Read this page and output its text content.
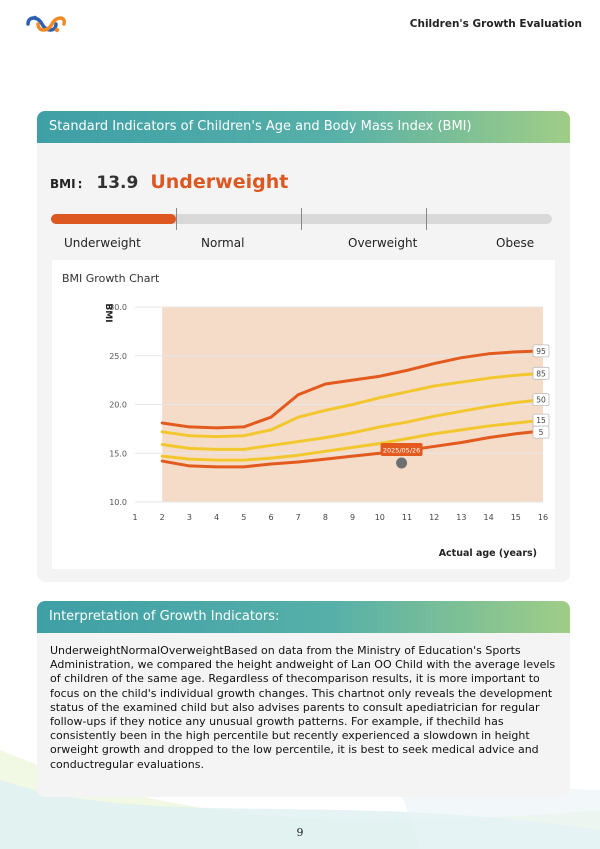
Children's Growth Evaluation
Standard Indicators of Children's Age and Body Mass Index (BMI)
BMI : 13.9 Underweight
Underweight	Normal	Overweight	Obese
BMI Growth Chart
10.0
15.0
20.0
25.0
30.0
1	2	3	4	5	6	7	8	9 10 11 12 13 14 15 16
BMI
Actual age (years)
95
85
50
15
5
2025/05/26
Interpretation of Growth Indicators:
UnderweightNormalOverweightBased on data from the Ministry of Education's Sports Administration, we compared the height andweight of Lan OO Child with the average levels of children of the same age. Regardless of thecomparison results, it is more important to focus on the child's individual growth changes. This chartnot only reveals the development status of the examined child but also advises parents to consult apediatrician for regular follow-ups if they notice any unusual growth patterns. For example, if thechild has consistently been in the high percentile but recently experienced a slowdown in height orweight growth and dropped to the low percentile, it is best to seek medical advice and conductregular evaluations.
9
